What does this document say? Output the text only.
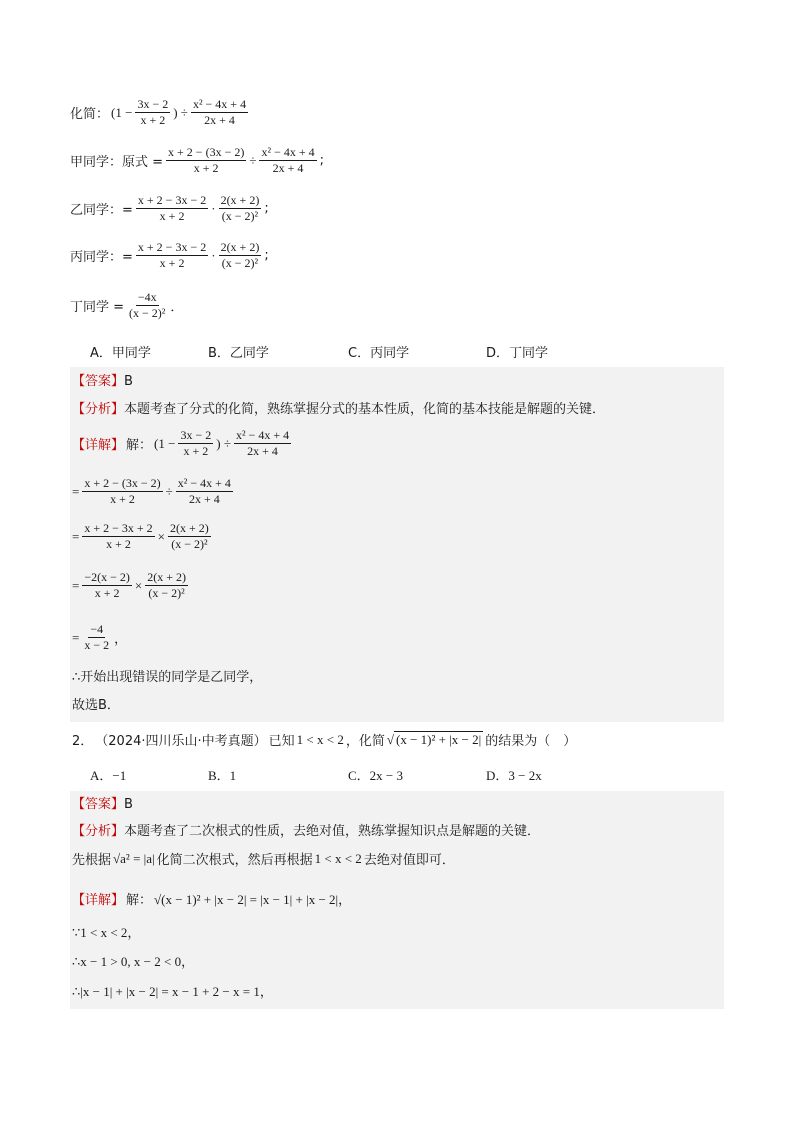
化简： ($1 - \frac{3x - 2}{x + 2}$ ) ÷ $\frac{\text{x² − 4x + 4}}{2x + 4}$
甲同学：原式 = $\frac{x + 2 - (3x - 2)}{x + 2} \div \frac{\text{x² − 4x + 4}}{2x + 4}$ ;
乙同学：= $\frac{x + 2 - 3x - 2}{x + 2} \cdot \frac{2(x + 2)}{\text{(x − 2)²}}$ ;
丙同学：= $\frac{x + 2 - 3x - 2}{x + 2} \cdot \frac{2(x + 2)}{\text{(x − 2)²}}$ ;
丁同学 = $\frac{-4x}{\text{(x − 2)²}}$ ．
A．甲同学	B．乙同学	C．丙同学	D．丁同学
【答案】B
【分析】本题考查了分式的化简，熟练掌握分式的基本性质，化简的基本技能是解题的关键．
【详解】 解： ($1 - \frac{3x - 2}{x + 2}$ ) ÷ $\frac{\text{x² − 4x + 4}}{2x + 4}$
= $\frac{x + 2 - (3x - 2)}{x + 2} \div \frac{\text{x² − 4x + 4}}{2x + 4}$
= $\frac{x + 2 - 3x + 2}{x + 2} \times \frac{2(x + 2)}{\text{(x − 2)²}}$
= $\frac{-2(x - 2)}{x + 2} \times \frac{2(x + 2)}{\text{(x − 2)²}}$
= $\frac{-4}{x - 2}$ ，
∴开始出现错误的同学是乙同学，
故选B．
2． （2024·四川乐山·中考真题） 已知 1 < x < 2 ，化简 √ (x − 1)² + |x − 2| 的结果为（　）
A．−1	B．1	C．2x − 3	D．3 − 2x
【答案】B
【分析】本题考查了二次根式的性质，去绝对值，熟练掌握知识点是解题的关键．
先根据 √a² = |a| 化简二次根式，然后再根据 1 < x < 2 去绝对值即可．
【详解】 解： √(x − 1)² + |x − 2| = |x − 1| + |x − 2|，
∵1 < x < 2，
∴x − 1 > 0, x − 2 < 0，
∴|x − 1| + |x − 2| = x − 1 + 2 − x = 1，
